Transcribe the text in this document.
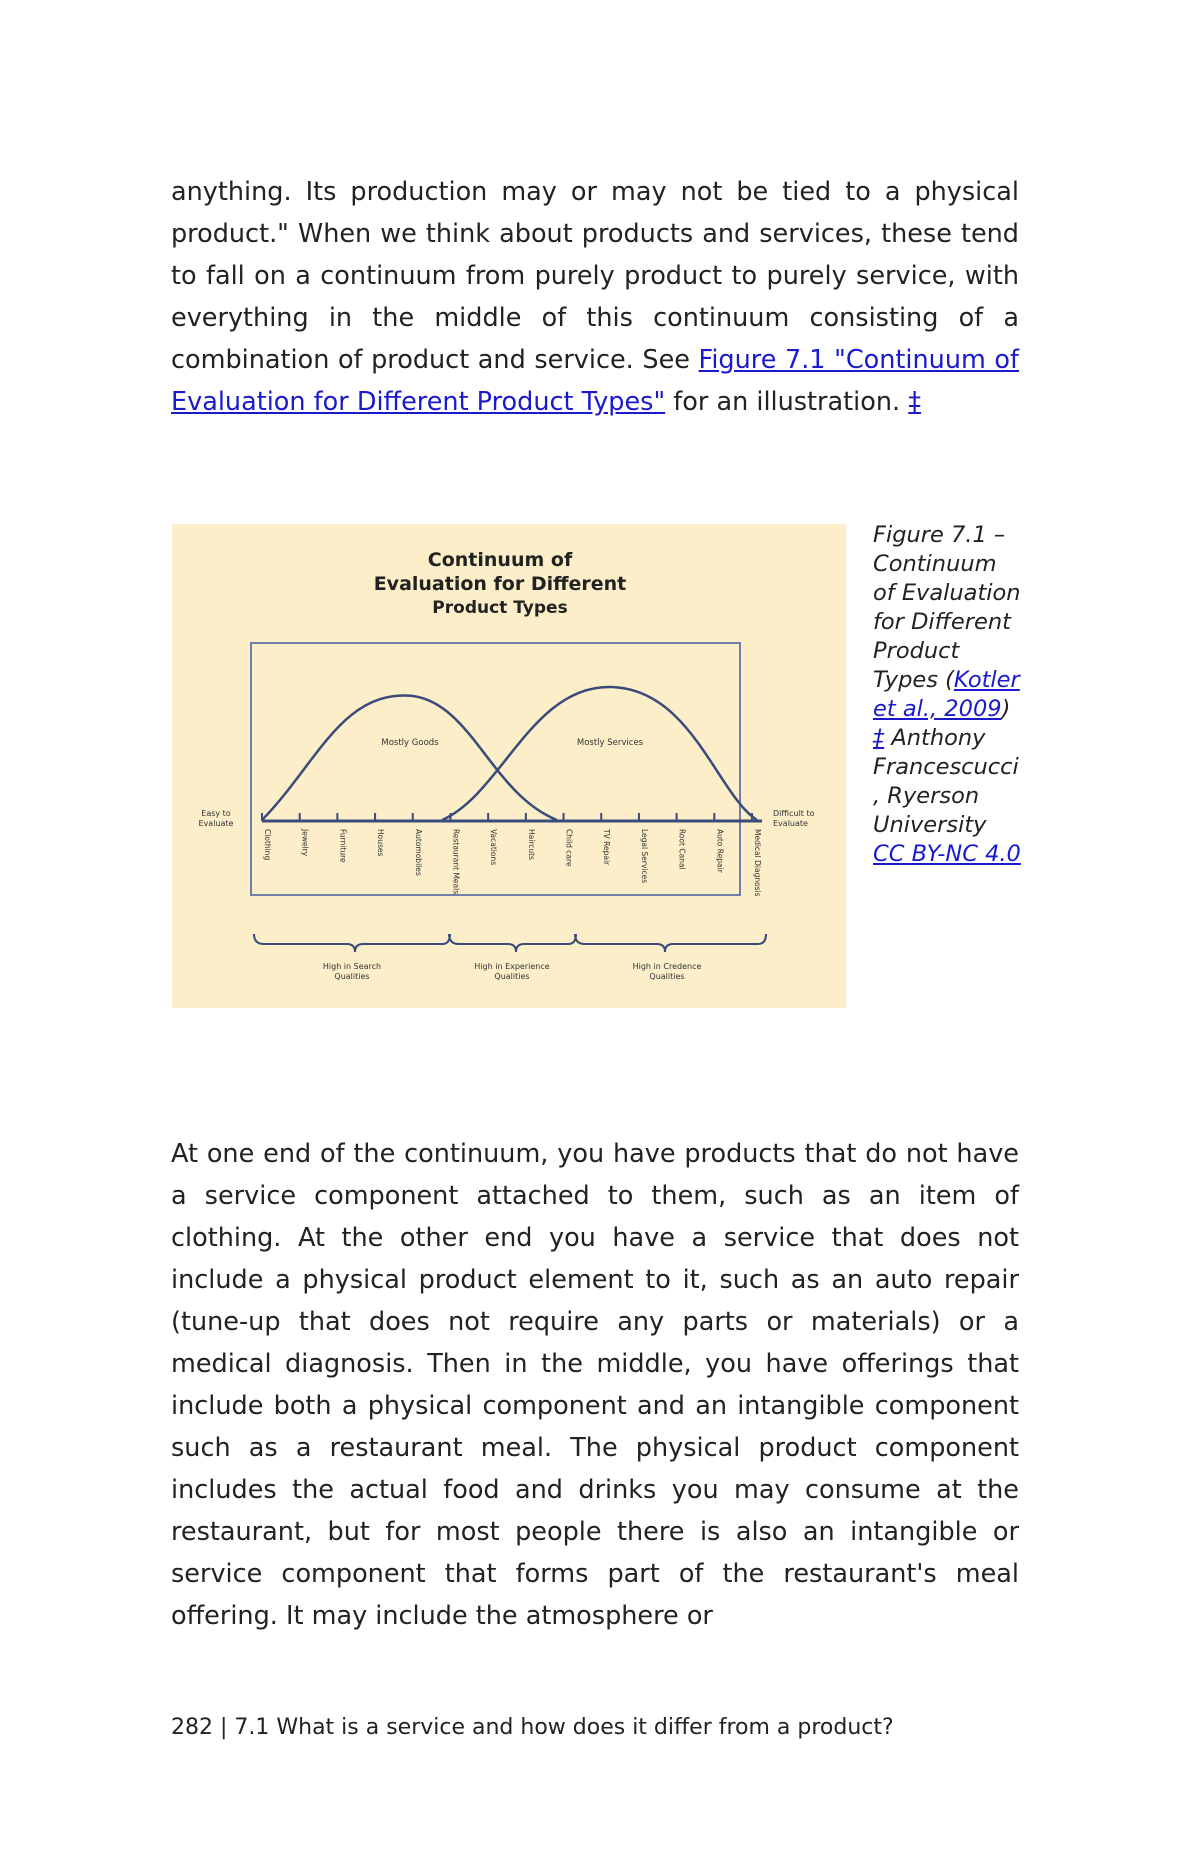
anything. Its production may or may not be tied to a physical product." When we think about products and services, these tend to fall on a continuum from purely product to purely service, with everything in the middle of this continuum consisting of a combination of product and service. See Figure 7.1 "Continuum of Evaluation for Different Product Types" for an illustration. ‡

Continuum of
Evaluation for Different
Product Types
Mostly Goods	Mostly Services
Clothing	Jewelry	Furniture	Houses	Automobiles	Restaurant Meals	Vacations	Haircuts	Child care	TV Repair	Legal Services	Root Canal	Auto Repair	Medical Diagnosis
Easy to
Evaluate
Difficult to
Evaluate
High in Search
Qualities
High in Experience
Qualities
High in Credence
Qualities
Figure 7.1 – Continuum of Evaluation for Different Product Types (Kotler et al., 2009) ‡ Anthony Francescucci, Ryerson University CC BY-NC 4.0

At one end of the continuum, you have products that do not have a service component attached to them, such as an item of clothing. At the other end you have a service that does not include a physical product element to it, such as an auto repair (tune-up that does not require any parts or materials) or a medical diagnosis. Then in the middle, you have offerings that include both a physical component and an intangible component such as a restaurant meal. The physical product component includes the actual food and drinks you may consume at the restaurant, but for most people there is also an intangible or service component that forms part of the restaurant's meal offering. It may include the atmosphere or

282 | 7.1 What is a service and how does it differ from a product?
